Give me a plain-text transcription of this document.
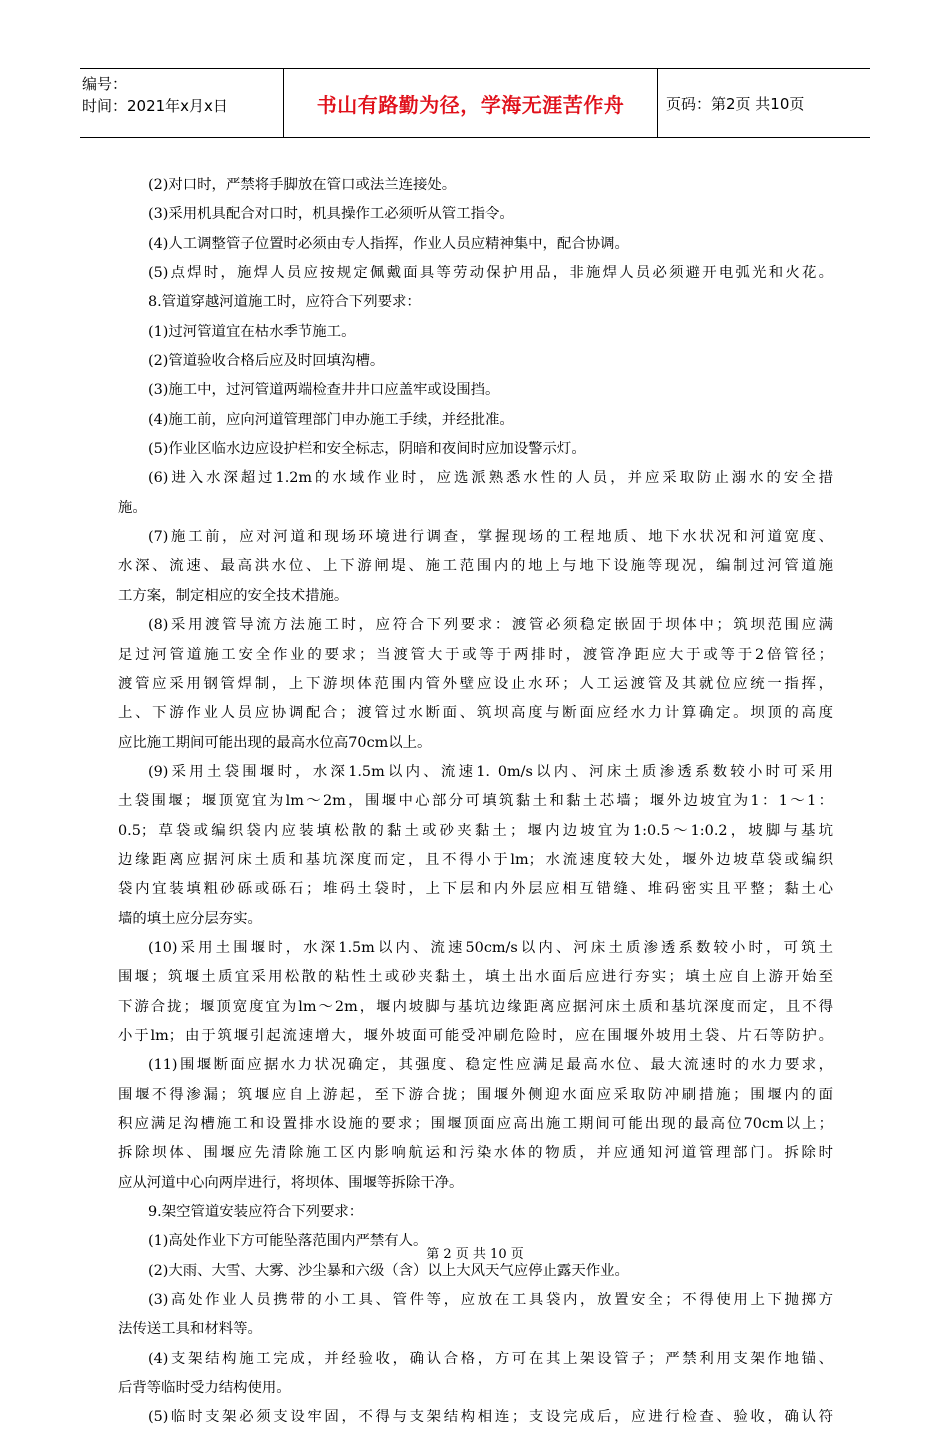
编号：
时间：2021年x月x日	书山有路勤为径，学海无涯苦作舟	页码：第2页 共10页
(2)对口时，严禁将手脚放在管口或法兰连接处。
(3)采用机具配合对口时，机具操作工必须听从管工指令。
(4)人工调整管子位置时必须由专人指挥，作业人员应精神集中，配合协调。
(5)点焊时，施焊人员应按规定佩戴面具等劳动保护用品，非施焊人员必须避开电弧光和火花。
8.管道穿越河道施工时，应符合下列要求：
(1)过河管道宜在枯水季节施工。
(2)管道验收合格后应及时回填沟槽。
(3)施工中，过河管道两端检查井井口应盖牢或设围挡。
(4)施工前，应向河道管理部门申办施工手续，并经批准。
(5)作业区临水边应设护栏和安全标志，阴暗和夜间时应加设警示灯。
(6)进入水深超过1.2m的水域作业时，应选派熟悉水性的人员，并应采取防止溺水的安全措
施。
(7)施工前，应对河道和现场环境进行调查，掌握现场的工程地质、地下水状况和河道宽度、
水深、流速、最高洪水位、上下游闸堤、施工范围内的地上与地下设施等现况，编制过河管道施
工方案，制定相应的安全技术措施。
(8)采用渡管导流方法施工时，应符合下列要求：渡管必须稳定嵌固于坝体中；筑坝范围应满
足过河管道施工安全作业的要求；当渡管大于或等于两排时，渡管净距应大于或等于2倍管径；
渡管应采用钢管焊制，上下游坝体范围内管外壁应设止水环；人工运渡管及其就位应统一指挥，
上、下游作业人员应协调配合；渡管过水断面、筑坝高度与断面应经水力计算确定。坝顶的高度
应比施工期间可能出现的最高水位高70cm以上。
(9)采用土袋围堰时，水深1.5m以内、流速1. 0m/s以内、河床土质渗透系数较小时可采用
土袋围堰；堰顶宽宜为lm～2m，围堰中心部分可填筑黏土和黏土芯墙；堰外边坡宜为1：1～1：
0.5；草袋或编织袋内应装填松散的黏土或砂夹黏土；堰内边坡宜为1:0.5～1:0.2，坡脚与基坑
边缘距离应据河床土质和基坑深度而定，且不得小于lm；水流速度较大处，堰外边坡草袋或编织
袋内宜装填粗砂砾或砾石；堆码土袋时，上下层和内外层应相互错缝、堆码密实且平整；黏土心
墙的填土应分层夯实。
(10)采用土围堰时，水深1.5m以内、流速50cm/s以内、河床土质渗透系数较小时，可筑土
围堰；筑堰土质宜采用松散的粘性土或砂夹黏土，填土出水面后应进行夯实；填土应自上游开始至
下游合拢；堰顶宽度宜为lm～2m，堰内坡脚与基坑边缘距离应据河床土质和基坑深度而定，且不得
小于lm；由于筑堰引起流速增大，堰外坡面可能受冲刷危险时，应在围堰外坡用土袋、片石等防护。
(11)围堰断面应据水力状况确定，其强度、稳定性应满足最高水位、最大流速时的水力要求，
围堰不得渗漏；筑堰应自上游起，至下游合拢；围堰外侧迎水面应采取防冲刷措施；围堰内的面
积应满足沟槽施工和设置排水设施的要求；围堰顶面应高出施工期间可能出现的最高位70cm以上；
拆除坝体、围堰应先清除施工区内影响航运和污染水体的物质，并应通知河道管理部门。拆除时
应从河道中心向两岸进行，将坝体、围堰等拆除干净。
9.架空管道安装应符合下列要求：
(1)高处作业下方可能坠落范围内严禁有人。
(2)大雨、大雪、大雾、沙尘暴和六级（含）以上大风天气应停止露天作业。
(3)高处作业人员携带的小工具、管件等，应放在工具袋内，放置安全；不得使用上下抛掷方
法传送工具和材料等。
(4)支架结构施工完成，并经验收，确认合格，方可在其上架设管子；严禁利用支架作地锚、
后背等临时受力结构使用。
(5)临时支架必须支设牢固，不得与支架结构相连；支设完成后，应进行检查、验收，确认符
第 2 页 共 10 页
